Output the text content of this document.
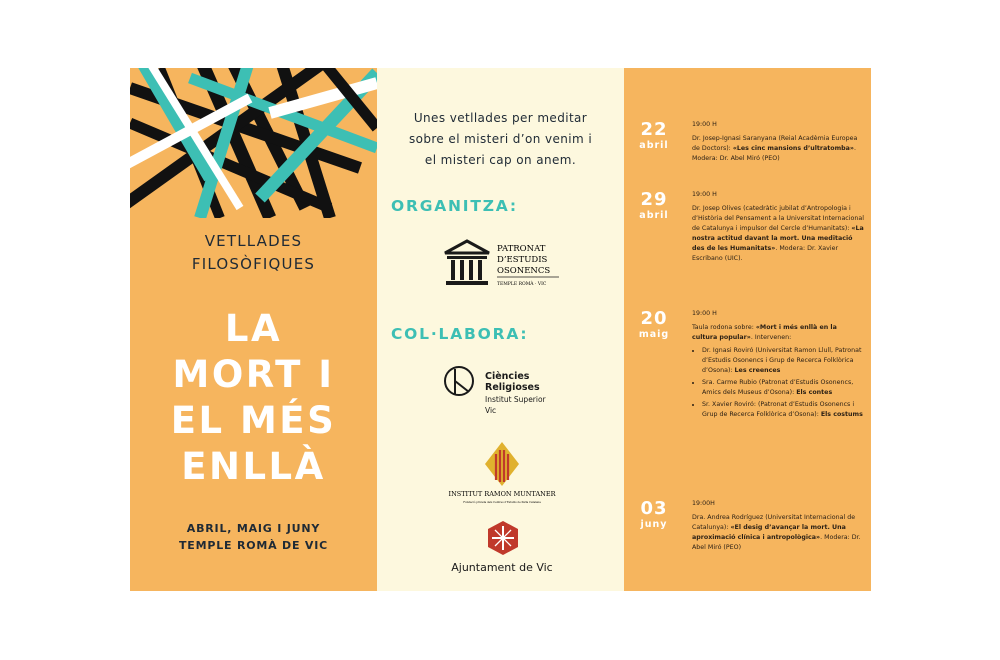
VETLLADES
FILOSÒFIQUES
LA
MORT I
EL MÉS
ENLLÀ
ABRIL, MAIG I JUNY
TEMPLE ROMÀ DE VIC
Unes vetllades per meditar
sobre el misteri d’on venim i
el misteri cap on anem.
ORGANITZA:
PATRONAT
D’ESTUDIS
OSONENCS
TEMPLE ROMÀ · VIC
COL·LABORA:
Ciències
Religioses
Institut Superior
Vic
INSTITUT RAMON MUNTANER
Fundació privada dels Centres d’Estudis de Parla Catalana
Ajuntament de Vic
22
abril

19:00 H

Dr. Josep-Ignasi Saranyana (Reial Acadèmia Europea de Doctors): «Les cinc mansions d’ultratomba». Modera: Dr. Abel Miró (PEO)

29
abril

19:00 H

Dr. Josep Olives (catedràtic jubilat d’Antropologia i d’Història del Pensament a la Universitat Internacional de Catalunya i impulsor del Cercle d’Humanitats): «La nostra actitud davant la mort. Una meditació des de les Humanitats». Modera: Dr. Xavier Escribano (UIC).

20
maig

19:00 H

Taula rodona sobre: «Mort i més enllà en la cultura popular». Intervenen:

• Dr. Ignasi Roviró (Universitat Ramon Llull, Patronat d’Estudis Osonencs i Grup de Recerca Folklòrica d’Osona): Les creences
• Sra. Carme Rubio (Patronat d’Estudis Osonencs, Amics dels Museus d’Osona): Els contes
• Sr. Xavier Roviró: (Patronat d’Estudis Osonencs i Grup de Recerca Folklòrica d’Osona): Els costums
03
juny

19:00H

Dra. Andrea Rodríguez (Universitat Internacional de Catalunya): «El desig d’avançar la mort. Una aproximació clínica i antropològica». Modera: Dr. Abel Miró (PEO)
